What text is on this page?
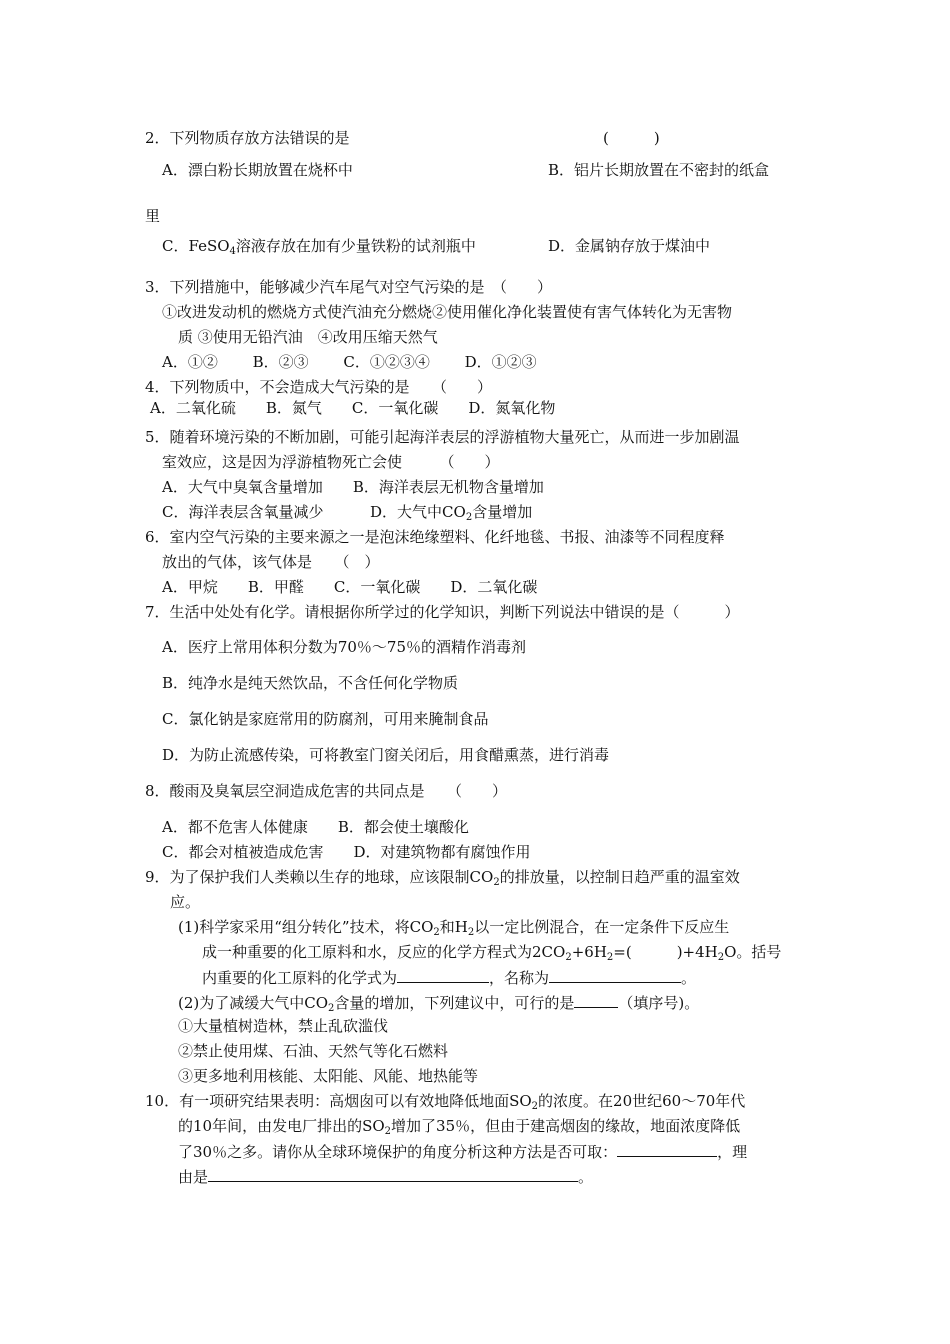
2．下列物质存放方法错误的是	(　　　)
A．漂白粉长期放置在烧杯中	B．铝片长期放置在不密封的纸盒
里
C．FeSO$_4$溶液存放在加有少量铁粉的试剂瓶中	D．金属钠存放于煤油中
3．下列措施中，能够减少汽车尾气对空气污染的是　（　　）
①改进发动机的燃烧方式使汽油充分燃烧②使用催化净化装置使有害气体转化为无害物
质 ③使用无铅汽油　④改用压缩天然气
A．①②　　 B．②③　　 C．①②③④　　 D．①②③
4．下列物质中，不会造成大气污染的是　　（　　）
A．二氧化硫　　B．氮气　　C．一氧化碳　　D．氮氧化物
5．随着环境污染的不断加剧，可能引起海洋表层的浮游植物大量死亡，从而进一步加剧温
室效应，这是因为浮游植物死亡会使　　　（　　）
A．大气中臭氧含量增加　　B．海洋表层无机物含量增加
C．海洋表层含氧量减少	D．大气中$CO_2$含量增加
6．室内空气污染的主要来源之一是泡沫绝缘塑料、化纤地毯、书报、油漆等不同程度释
放出的气体，该气体是　　（　）
A．甲烷　　B．甲醛　　C．一氧化碳　　D．二氧化碳
7．生活中处处有化学。请根据你所学过的化学知识，判断下列说法中错误的是（　　　）
A．医疗上常用体积分数为70％～75％的酒精作消毒剂
B．纯净水是纯天然饮品，不含任何化学物质
C．氯化钠是家庭常用的防腐剂，可用来腌制食品
D．为防止流感传染，可将教室门窗关闭后，用食醋熏蒸，进行消毒
8．酸雨及臭氧层空洞造成危害的共同点是　　（　　）
A．都不危害人体健康　　B．都会使土壤酸化
C．都会对植被造成危害　　D．对建筑物都有腐蚀作用
9．为了保护我们人类赖以生存的地球，应该限制$CO_2$的排放量，以控制日趋严重的温室效
应。
(1)科学家采用“组分转化”技术，将$CO_2$和$H_2$以一定比例混合，在一定条件下反应生
成一种重要的化工原料和水，反应的化学方程式为$2CO_2+6H_2=$(　　　)$+4H_2O$。括号
内重要的化工原料的化学式为	，名称为	。
(2)为了减缓大气中$CO_2$含量的增加，下列建议中，可行的是	（填序号)。
①大量植树造林，禁止乱砍滥伐
②禁止使用煤、石油、天然气等化石燃料
③更多地利用核能、太阳能、风能、地热能等
10．有一项研究结果表明：高烟囱可以有效地降低地面$SO_2$的浓度。在20世纪60～70年代
的10年间，由发电厂排出的$SO_2$增加了35％，但由于建高烟囱的缘故，地面浓度降低
了30％之多。请你从全球环境保护的角度分析这种方法是否可取：	，理
由是	。
